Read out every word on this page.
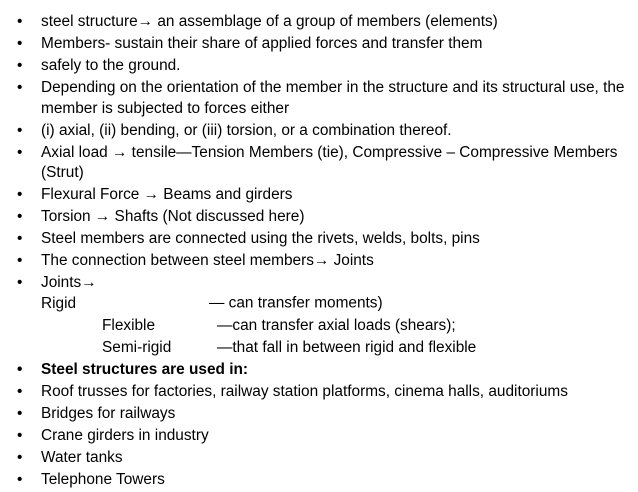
• steel structure→ an assemblage of a group of members (elements)
• Members- sustain their share of applied forces and transfer them
• safely to the ground.
• Depending on the orientation of the member in the structure and its structural use, the member is subjected to forces either
• (i) axial, (ii) bending, or (iii) torsion, or a combination thereof.
• Axial load → tensile—Tension Members (tie), Compressive – Compressive Members (Strut)
• Flexural Force → Beams and girders
• Torsion → Shafts (Not discussed here)
• Steel members are connected using the rivets, welds, bolts, pins
• The connection between steel members→ Joints
• Joints→ Rigid	— can transfer moments)
Flexible	—can transfer axial loads (shears);
Semi-rigid	—that fall in between rigid and flexible
• Steel structures are used in:
• Roof trusses for factories, railway station platforms, cinema halls, auditoriums
• Bridges for railways
• Crane girders in industry
• Water tanks
• Telephone Towers
